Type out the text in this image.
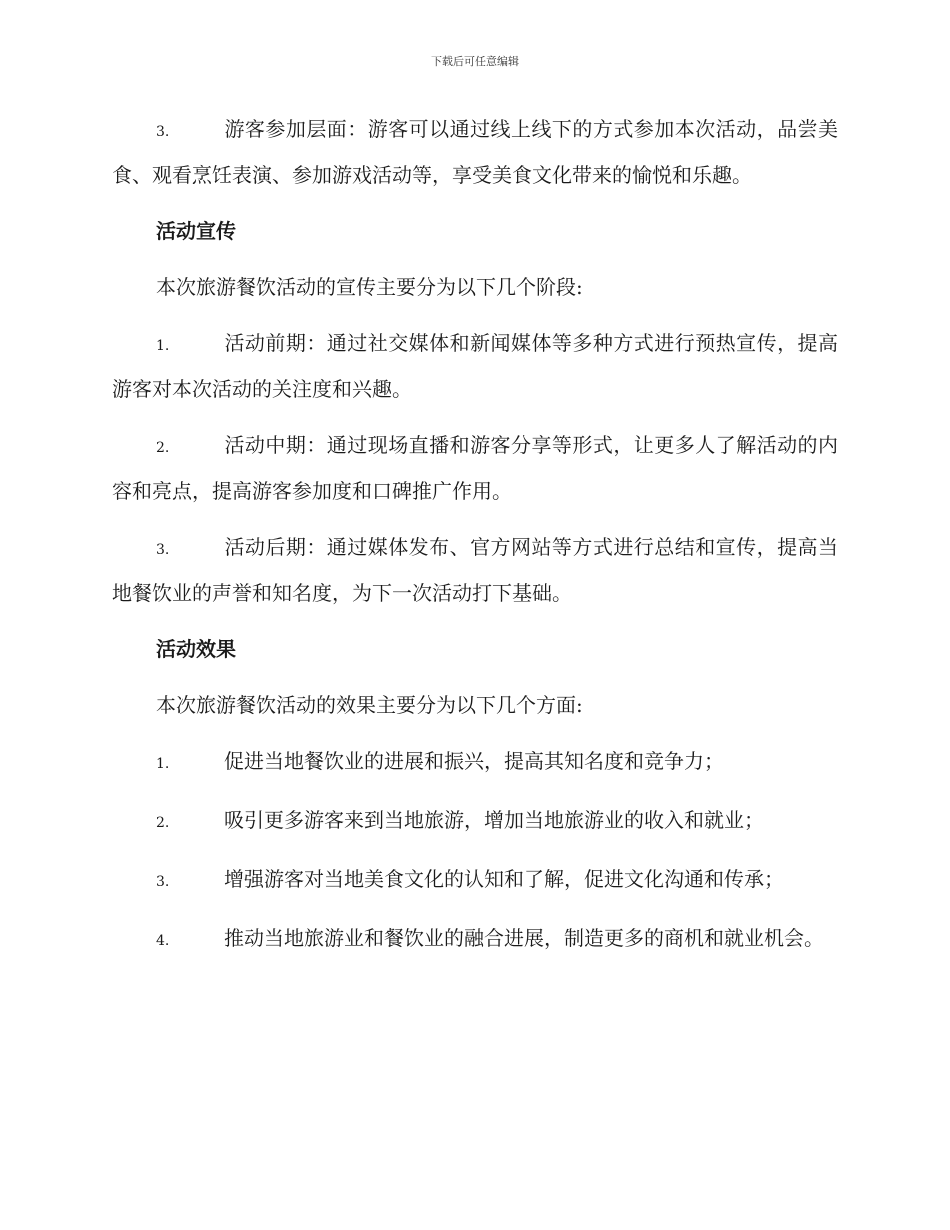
下载后可任意编辑

3.	游客参加层面：游客可以通过线上线下的方式参加本次活动，品尝美食、观看烹饪表演、参加游戏活动等，享受美食文化带来的愉悦和乐趣。

活动宣传

本次旅游餐饮活动的宣传主要分为以下几个阶段:

1.	活动前期：通过社交媒体和新闻媒体等多种方式进行预热宣传，提高游客对本次活动的关注度和兴趣。

2.	活动中期：通过现场直播和游客分享等形式，让更多人了解活动的内容和亮点，提高游客参加度和口碑推广作用。

3.	活动后期：通过媒体发布、官方网站等方式进行总结和宣传，提高当地餐饮业的声誉和知名度，为下一次活动打下基础。

活动效果

本次旅游餐饮活动的效果主要分为以下几个方面:

1.	促进当地餐饮业的进展和振兴，提高其知名度和竞争力；

2.	吸引更多游客来到当地旅游，增加当地旅游业的收入和就业；

3.	增强游客对当地美食文化的认知和了解，促进文化沟通和传承；

4.	推动当地旅游业和餐饮业的融合进展，制造更多的商机和就业机会。
